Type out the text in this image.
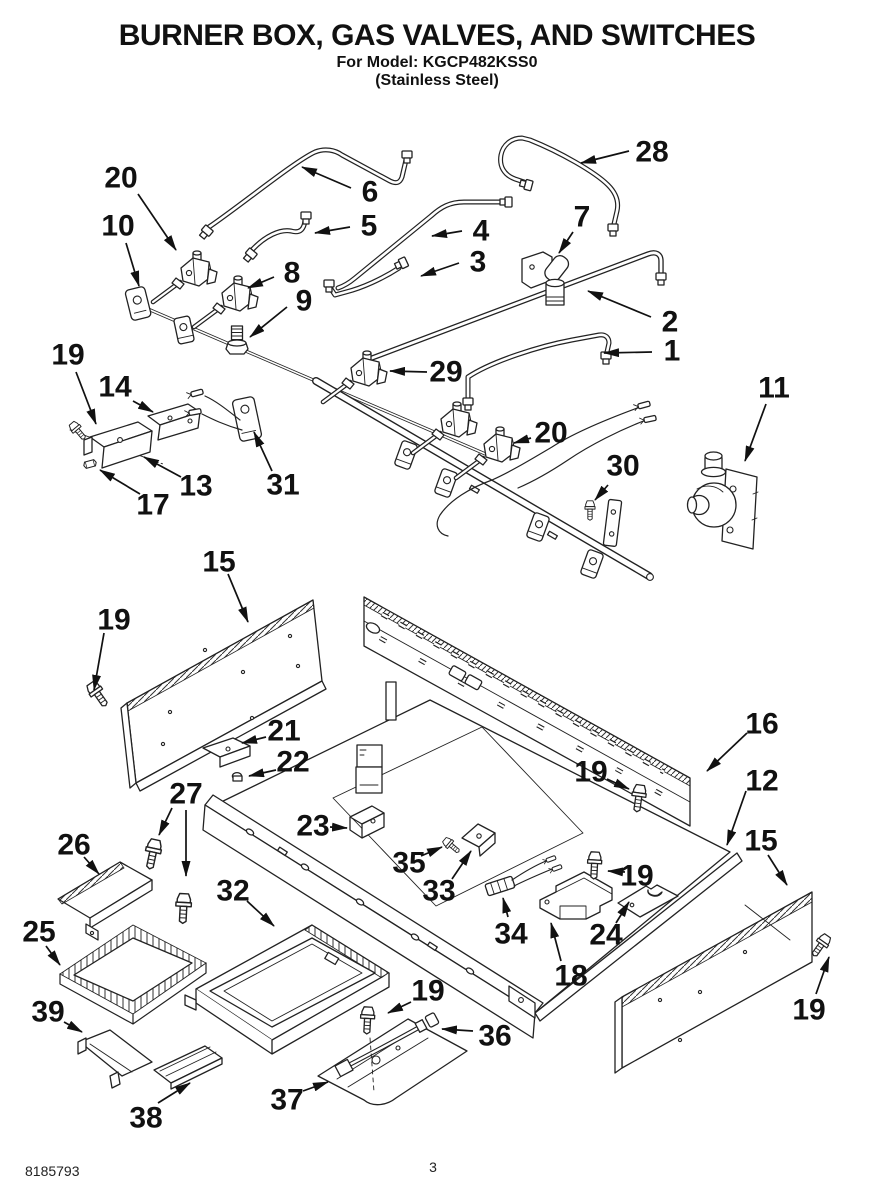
BURNER BOX, GAS VALVES, AND SWITCHES
For Model: KGCP482KSS0
(Stainless Steel)
8185793	3
20
10
6
5	4
3
7
28
2
1
11
8
9
29
19
14
13
17
31
20
30
15
19
16
19	12
15
21
22
27
23
26
25
39
38
32
35
33
34
18
24
19
19
36
37
19
